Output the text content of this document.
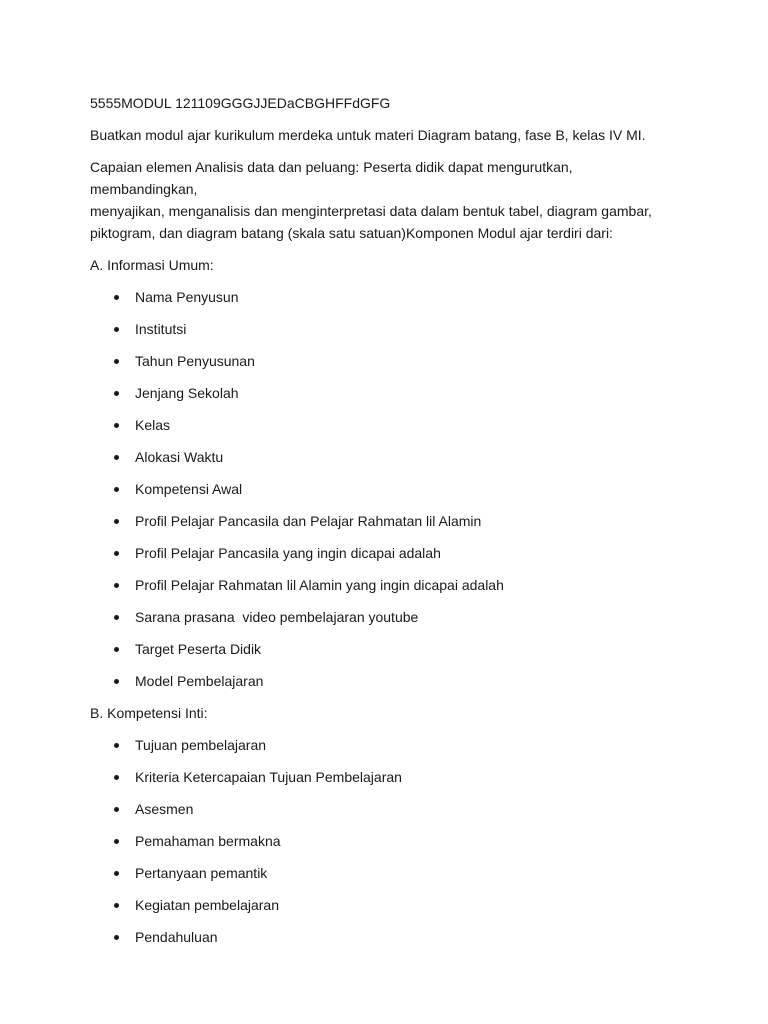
5555MODUL 121109GGGJJEDaCBGHFFdGFG

Buatkan modul ajar kurikulum merdeka untuk materi Diagram batang, fase B, kelas IV MI.

Capaian elemen Analisis data dan peluang: Peserta didik dapat mengurutkan, membandingkan,
menyajikan, menganalisis dan menginterpretasi data dalam bentuk tabel, diagram gambar,
piktogram, dan diagram batang (skala satu satuan)Komponen Modul ajar terdiri dari:

A. Informasi Umum:

Nama Penyusun
Institutsi
Tahun Penyusunan
Jenjang Sekolah
Kelas
Alokasi Waktu
Kompetensi Awal
Profil Pelajar Pancasila dan Pelajar Rahmatan lil Alamin
Profil Pelajar Pancasila yang ingin dicapai adalah
Profil Pelajar Rahmatan lil Alamin yang ingin dicapai adalah
Sarana prasana  video pembelajaran youtube
Target Peserta Didik
Model Pembelajaran

B. Kompetensi Inti:

Tujuan pembelajaran
Kriteria Ketercapaian Tujuan Pembelajaran
Asesmen
Pemahaman bermakna
Pertanyaan pemantik
Kegiatan pembelajaran
Pendahuluan
